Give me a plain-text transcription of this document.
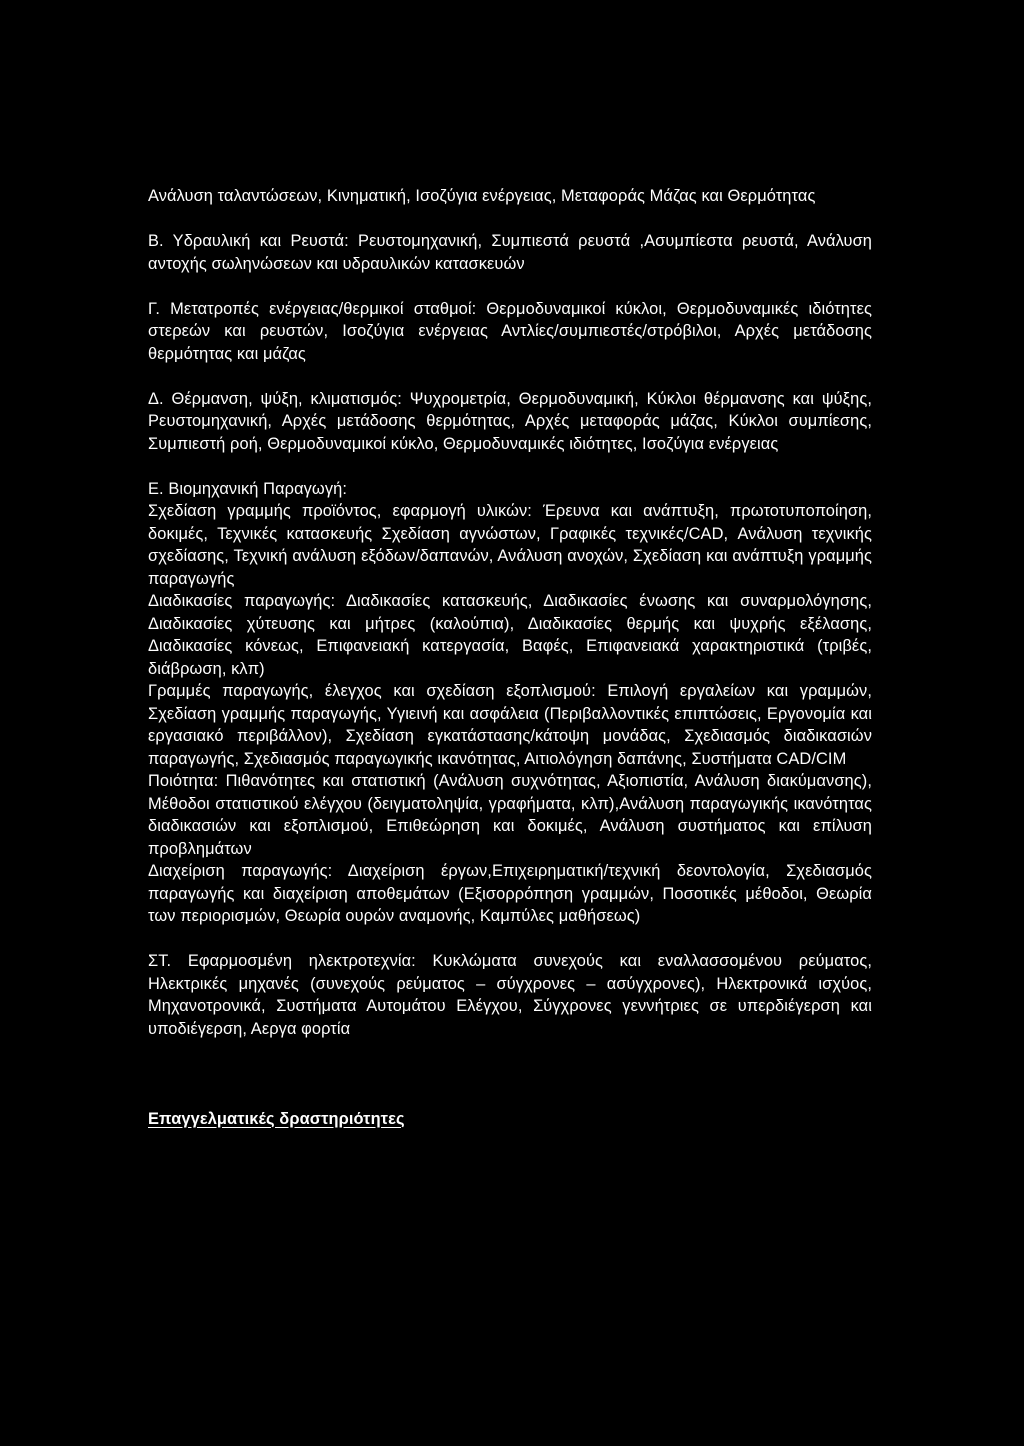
Ανάλυση ταλαντώσεων, Κινηματική, Ισοζύγια ενέργειας, Μεταφοράς Μάζας και Θερμότητας

Β. Υδραυλική και Ρευστά: Ρευστομηχανική, Συμπιεστά ρευστά ,Ασυμπίεστα ρευστά, Ανάλυση αντοχής σωληνώσεων και υδραυλικών κατασκευών

Γ. Μετατροπές ενέργειας/θερμικοί σταθμοί: Θερμοδυναμικοί κύκλοι, Θερμοδυναμικές ιδιότητες στερεών και ρευστών, Ισοζύγια ενέργειας Αντλίες/συμπιεστές/στρόβιλοι, Αρχές μετάδοσης θερμότητας και μάζας

Δ. Θέρμανση, ψύξη, κλιματισμός: Ψυχρομετρία, Θερμοδυναμική, Κύκλοι θέρμανσης και ψύξης, Ρευστομηχανική, Αρχές μετάδοσης θερμότητας, Αρχές μεταφοράς μάζας, Κύκλοι συμπίεσης, Συμπιεστή ροή, Θερμοδυναμικοί κύκλο, Θερμοδυναμικές ιδιότητες, Ισοζύγια ενέργειας

Ε. Βιομηχανική Παραγωγή:

Σχεδίαση γραμμής προϊόντος, εφαρμογή υλικών: Έρευνα και ανάπτυξη, πρωτοτυποποίηση, δοκιμές, Τεχνικές κατασκευής Σχεδίαση αγνώστων, Γραφικές τεχνικές/CAD, Ανάλυση τεχνικής σχεδίασης, Τεχνική ανάλυση εξόδων/δαπανών, Ανάλυση ανοχών, Σχεδίαση και ανάπτυξη γραμμής παραγωγής

Διαδικασίες παραγωγής: Διαδικασίες κατασκευής, Διαδικασίες ένωσης και συναρμολόγησης, Διαδικασίες χύτευσης και μήτρες (καλούπια), Διαδικασίες θερμής και ψυχρής εξέλασης, Διαδικασίες κόνεως, Επιφανειακή κατεργασία, Βαφές, Επιφανειακά χαρακτηριστικά (τριβές, διάβρωση, κλπ)

Γραμμές παραγωγής, έλεγχος και σχεδίαση εξοπλισμού: Επιλογή εργαλείων και γραμμών, Σχεδίαση γραμμής παραγωγής, Υγιεινή και ασφάλεια (Περιβαλλοντικές επιπτώσεις, Εργονομία και εργασιακό περιβάλλον), Σχεδίαση εγκατάστασης/κάτοψη μονάδας, Σχεδιασμός διαδικασιών παραγωγής, Σχεδιασμός παραγωγικής ικανότητας, Αιτιολόγηση δαπάνης, Συστήματα CAD/CIM

Ποιότητα: Πιθανότητες και στατιστική (Ανάλυση συχνότητας, Αξιοπιστία, Ανάλυση διακύμανσης), Μέθοδοι στατιστικού ελέγχου (δειγματοληψία, γραφήματα, κλπ),Ανάλυση παραγωγικής ικανότητας διαδικασιών και εξοπλισμού, Επιθεώρηση και δοκιμές, Ανάλυση συστήματος και επίλυση προβλημάτων

Διαχείριση παραγωγής: Διαχείριση έργων,Επιχειρηματική/τεχνική δεοντολογία, Σχεδιασμός παραγωγής και διαχείριση αποθεμάτων (Εξισορρόπηση γραμμών, Ποσοτικές μέθοδοι, Θεωρία των περιορισμών, Θεωρία ουρών αναμονής, Καμπύλες μαθήσεως)

ΣΤ. Εφαρμοσμένη ηλεκτροτεχνία: Κυκλώματα συνεχούς και εναλλασσομένου ρεύματος, Ηλεκτρικές μηχανές (συνεχούς ρεύματος – σύγχρονες – ασύγχρονες), Ηλεκτρονικά ισχύος, Μηχανοτρονικά, Συστήματα Αυτομάτου Ελέγχου, Σύγχρονες γεννήτριες σε υπερδιέγερση και υποδιέγερση, Αεργα φορτία

Επαγγελματικές δραστηριότητες
